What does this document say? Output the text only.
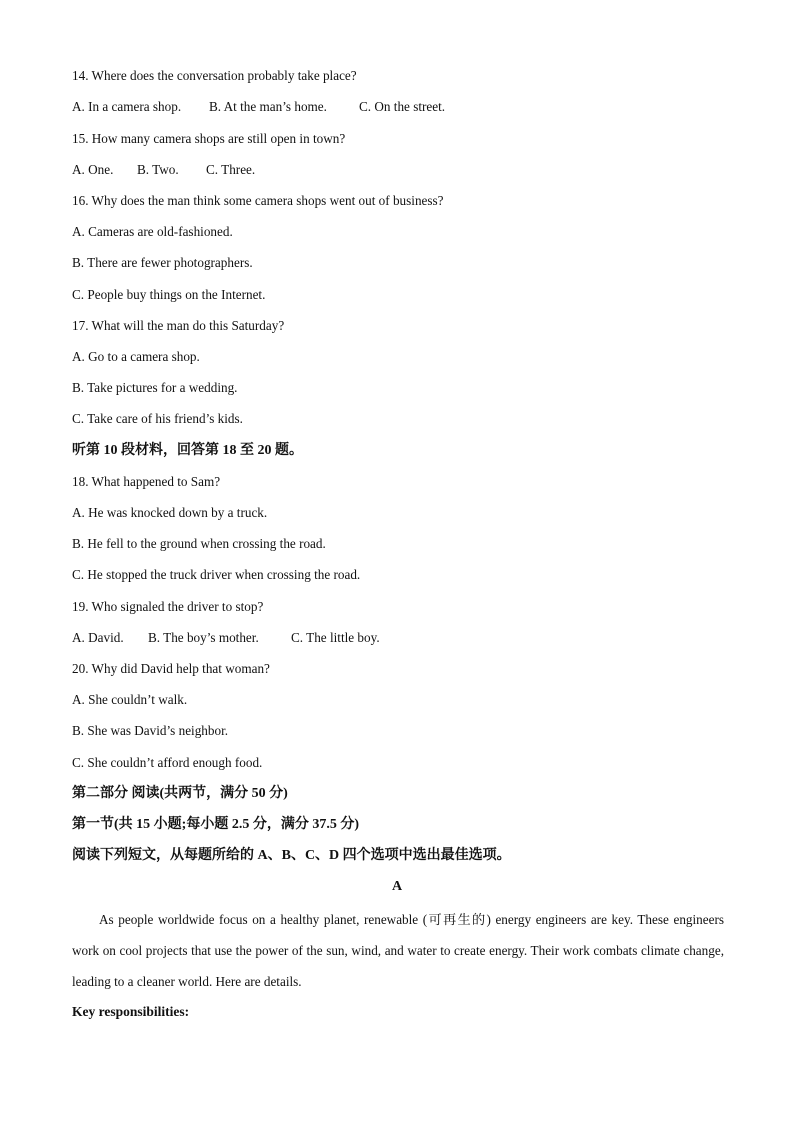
14. Where does the conversation probably take place?

A. In a camera shop. B. At the man’s home. C. On the street.

15. How many camera shops are still open in town?

A. One. B. Two. C. Three.

16. Why does the man think some camera shops went out of business?

A. Cameras are old-fashioned.

B. There are fewer photographers.

C. People buy things on the Internet.

17. What will the man do this Saturday?

A. Go to a camera shop.

B. Take pictures for a wedding.

C. Take care of his friend’s kids.

听第 10 段材料，回答第 18 至 20 题。

18. What happened to Sam?

A. He was knocked down by a truck.

B. He fell to the ground when crossing the road.

C. He stopped the truck driver when crossing the road.

19. Who signaled the driver to stop?

A. David. B. The boy’s mother. C. The little boy.

20. Why did David help that woman?

A. She couldn’t walk.

B. She was David’s neighbor.

C. She couldn’t afford enough food.

第二部分 阅读(共两节，满分 50 分)

第一节(共 15 小题;每小题 2.5 分，满分 37.5 分)

阅读下列短文，从每题所给的 A、B、C、D 四个选项中选出最佳选项。

A

As people worldwide focus on a healthy planet, renewable (可再生的) energy engineers are key. These engineers work on cool projects that use the power of the sun, wind, and water to create energy. Their work combats climate change, leading to a cleaner world. Here are details.

Key responsibilities:
